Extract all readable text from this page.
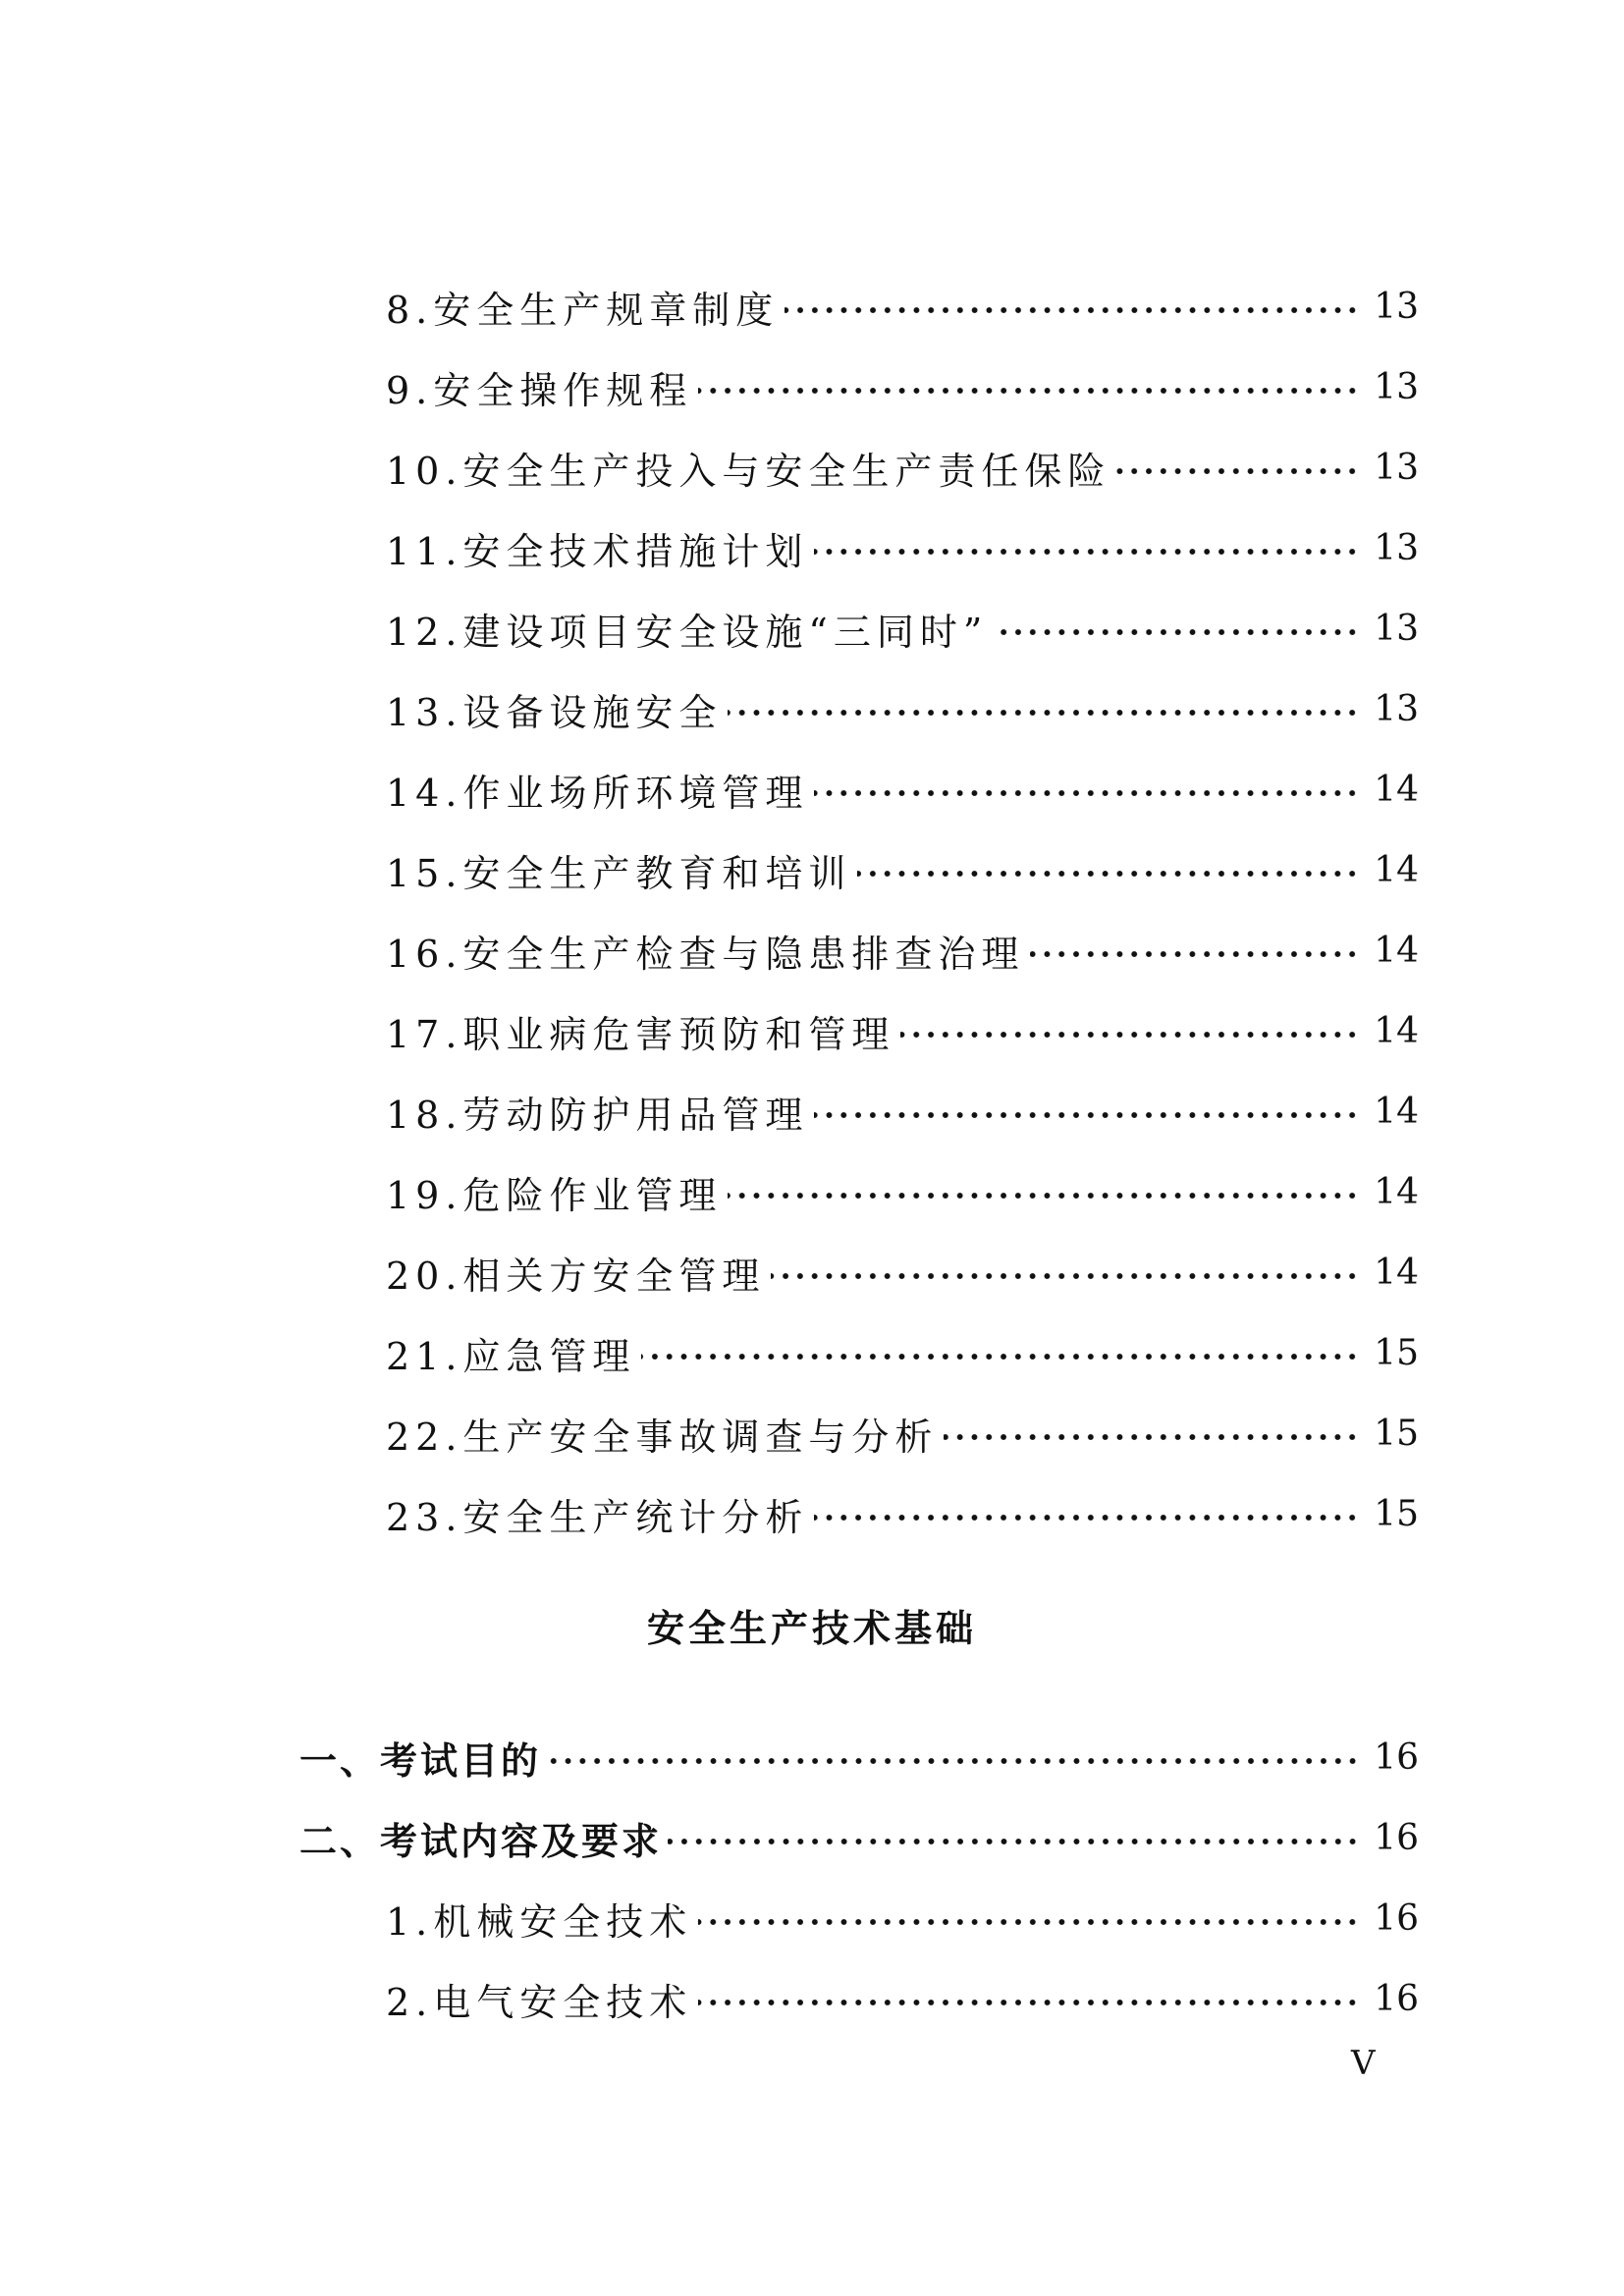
8.安全生产规章制度	13
9.安全操作规程	13
10.安全生产投入与安全生产责任保险	13
11.安全技术措施计划	13
12.建设项目安全设施“三同时”	13
13.设备设施安全	13
14.作业场所环境管理	14
15.安全生产教育和培训	14
16.安全生产检查与隐患排查治理	14
17.职业病危害预防和管理	14
18.劳动防护用品管理	14
19.危险作业管理	14
20.相关方安全管理	14
21.应急管理	15
22.生产安全事故调查与分析	15
23.安全生产统计分析	15
安全生产技术基础
一、考试目的	16
二、考试内容及要求	16
1.机械安全技术	16
2.电气安全技术	16
V
